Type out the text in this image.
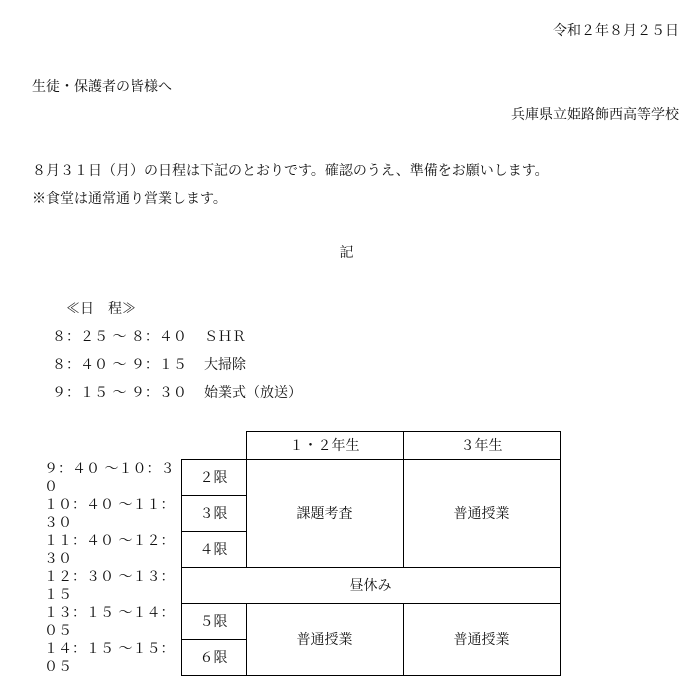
令和２年８月２５日
生徒・保護者の皆様へ
兵庫県立姫路飾西高等学校
８月３１日（月）の日程は下記のとおりです。確認のうえ、準備をお願いします。
※食堂は通常通り営業します。
記
≪日　程≫
８：２５ 〜 ８：４０ ＳＨＲ
８：４０ 〜 ９：１５ 大掃除
９：１５ 〜 ９：３０ 始業式（放送）
		１・２年生	３年生
９：４０ 〜１０：３０	２限	課題考査	普通授業
１０：４０ 〜１１：３０	３限		
１１：４０ 〜１２：３０	４限		
１２：３０ 〜１３：１５	昼休み		
１３：１５ 〜１４：０５	５限	普通授業	普通授業
１４：１５ 〜１５：０５	６限		
